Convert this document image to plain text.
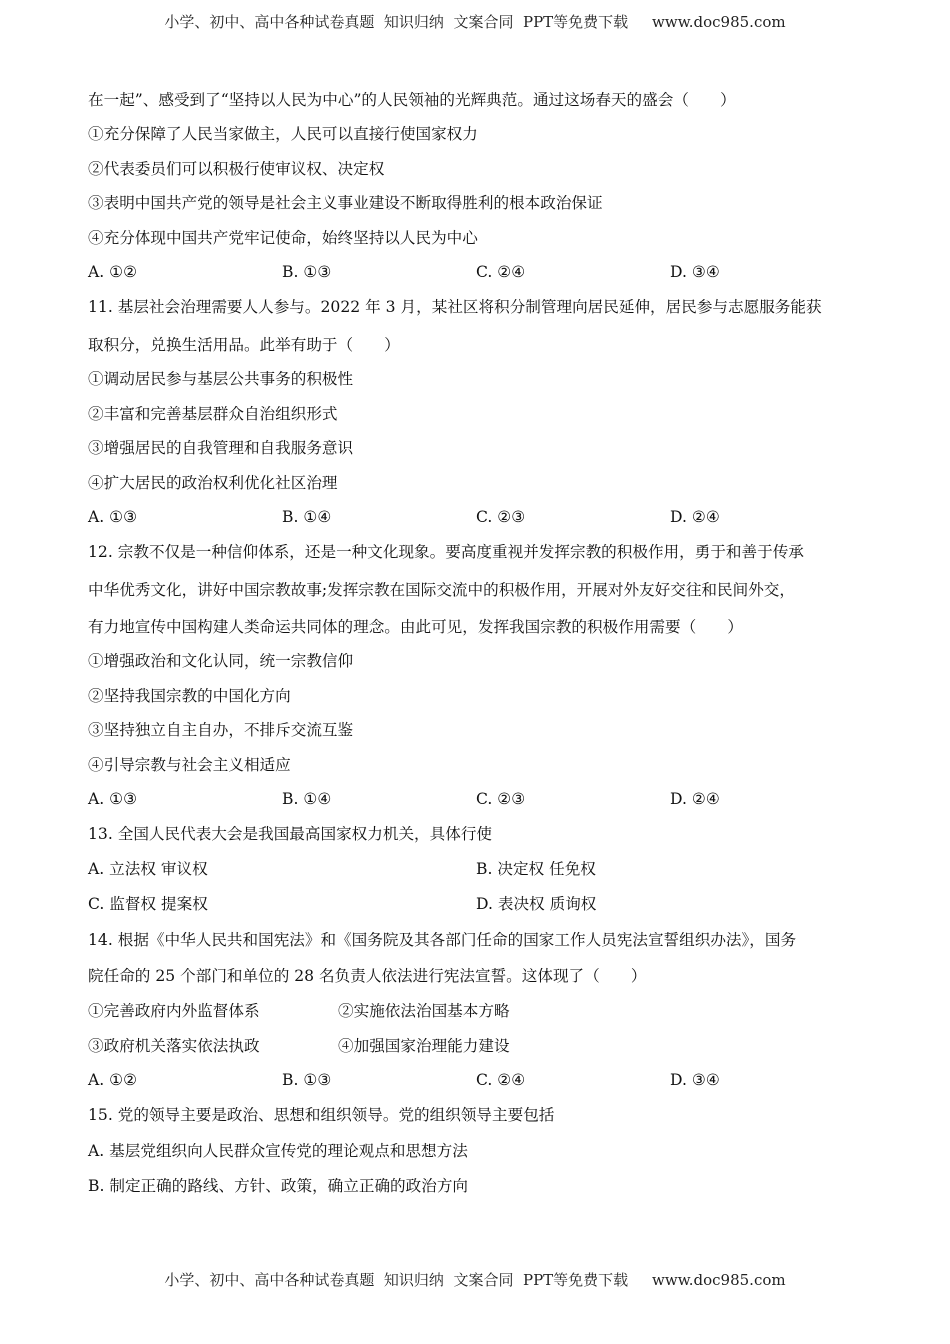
小学、初中、高中各种试卷真题  知识归纳  文案合同  PPT等免费下载     www.doc985.com
在一起”、感受到了“坚持以人民为中心”的人民领袖的光辉典范。通过这场春天的盛会（　　）
①充分保障了人民当家做主，人民可以直接行使国家权力
②代表委员们可以积极行使审议权、决定权
③表明中国共产党的领导是社会主义事业建设不断取得胜利的根本政治保证
④充分体现中国共产党牢记使命，始终坚持以人民为中心
A. ①②	B. ①③	C. ②④	D. ③④
11. 基层社会治理需要人人参与。2022 年 3 月，某社区将积分制管理向居民延伸，居民参与志愿服务能获
取积分，兑换生活用品。此举有助于（　　）
①调动居民参与基层公共事务的积极性
②丰富和完善基层群众自治组织形式
③增强居民的自我管理和自我服务意识
④扩大居民的政治权利优化社区治理
A. ①③	B. ①④	C. ②③	D. ②④
12. 宗教不仅是一种信仰体系，还是一种文化现象。要高度重视并发挥宗教的积极作用，勇于和善于传承
中华优秀文化，讲好中国宗教故事;发挥宗教在国际交流中的积极作用，开展对外友好交往和民间外交，
有力地宣传中国构建人类命运共同体的理念。由此可见，发挥我国宗教的积极作用需要（　　）
①增强政治和文化认同，统一宗教信仰
②坚持我国宗教的中国化方向
③坚持独立自主自办，不排斥交流互鉴
④引导宗教与社会主义相适应
A. ①③	B. ①④	C. ②③	D. ②④
13. 全国人民代表大会是我国最高国家权力机关，具体行使
A. 立法权 审议权	B. 决定权 任免权
C. 监督权 提案权	D. 表决权 质询权
14. 根据《中华人民共和国宪法》和《国务院及其各部门任命的国家工作人员宪法宣誓组织办法》，国务
院任命的 25 个部门和单位的 28 名负责人依法进行宪法宣誓。这体现了（　　）
①完善政府内外监督体系	②实施依法治国基本方略
③政府机关落实依法执政	④加强国家治理能力建设
A. ①②	B. ①③	C. ②④	D. ③④
15. 党的领导主要是政治、思想和组织领导。党的组织领导主要包括
A. 基层党组织向人民群众宣传党的理论观点和思想方法
B. 制定正确的路线、方针、政策，确立正确的政治方向
小学、初中、高中各种试卷真题  知识归纳  文案合同  PPT等免费下载     www.doc985.com
